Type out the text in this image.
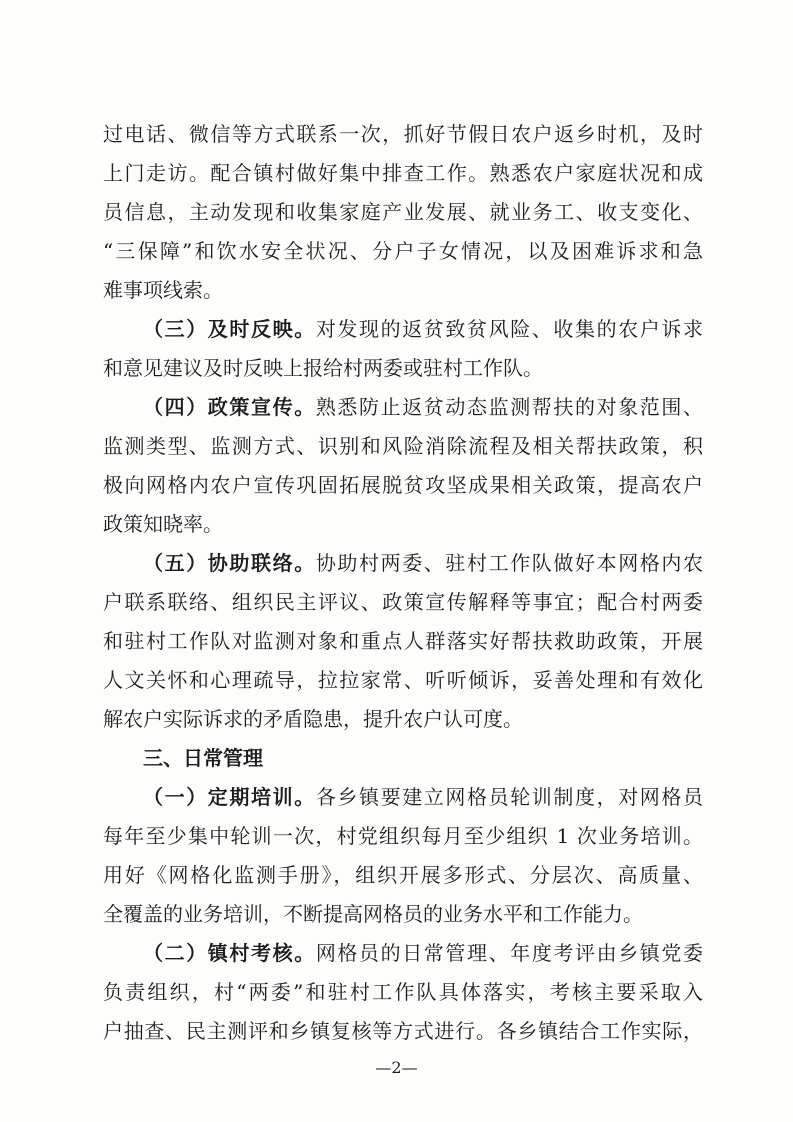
过电话、微信等方式联系一次，抓好节假日农户返乡时机，及时
上门走访。配合镇村做好集中排查工作。熟悉农户家庭状况和成
员信息，主动发现和收集家庭产业发展、就业务工、收支变化、
“三保障”和饮水安全状况、分户子女情况，以及困难诉求和急
难事项线索。
（三）及时反映。对发现的返贫致贫风险、收集的农户诉求
和意见建议及时反映上报给村两委或驻村工作队。
（四）政策宣传。熟悉防止返贫动态监测帮扶的对象范围、
监测类型、监测方式、识别和风险消除流程及相关帮扶政策，积
极向网格内农户宣传巩固拓展脱贫攻坚成果相关政策，提高农户
政策知晓率。
（五）协助联络。协助村两委、驻村工作队做好本网格内农
户联系联络、组织民主评议、政策宣传解释等事宜；配合村两委
和驻村工作队对监测对象和重点人群落实好帮扶救助政策，开展
人文关怀和心理疏导，拉拉家常、听听倾诉，妥善处理和有效化
解农户实际诉求的矛盾隐患，提升农户认可度。
三、日常管理
（一）定期培训。各乡镇要建立网格员轮训制度，对网格员
每年至少集中轮训一次，村党组织每月至少组织 1 次业务培训。
用好《网格化监测手册》，组织开展多形式、分层次、高质量、
全覆盖的业务培训，不断提高网格员的业务水平和工作能力。
（二）镇村考核。网格员的日常管理、年度考评由乡镇党委
负责组织，村“两委”和驻村工作队具体落实，考核主要采取入
户抽查、民主测评和乡镇复核等方式进行。各乡镇结合工作实际，
—2—
